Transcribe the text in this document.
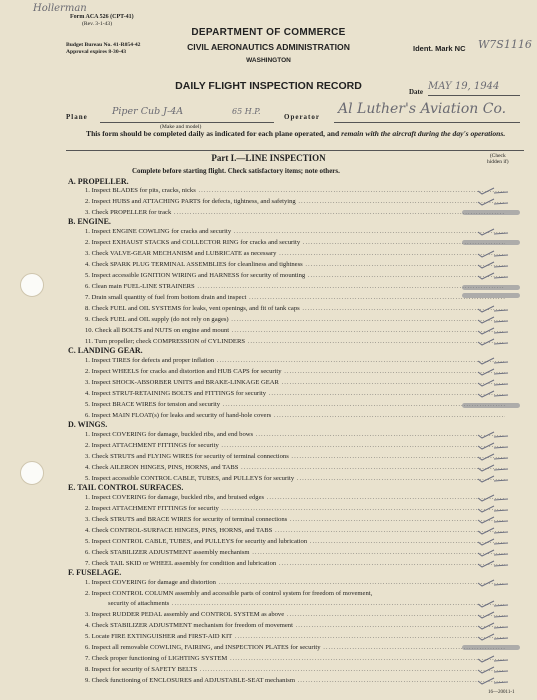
Hollerman
Form ACA 526 (CPT-41)
(Rev. 3-1-43)
Budget Bureau No. 41-R054-42
Approval expires 8-30-43
DEPARTMENT OF COMMERCE
CIVIL AERONAUTICS ADMINISTRATION
WASHINGTON
Ident. Mark NC W7S1116
DAILY FLIGHT INSPECTION RECORD	Date MAY 19, 1944
Plane	Piper Cub J-4A	65 H.P.
(Make and model)
Operator Al Luther's Aviation Co.
This form should be completed daily as indicated for each plane operated, and remain with the aircraft during the day's operations.
Part I.—LINE INSPECTION	(Check
hidden if)
Complete before starting flight. Check satisfactory items; note others.
A. PROPELLER.
1. Inspect BLADES for pits, cracks, nicks .....
2. Inspect HUBS and ATTACHING PARTS for defects, tightness, and safetying .....
3. Check PROPELLER for track .....
B. ENGINE.
1. Inspect ENGINE COWLING for cracks and security .....
2. Inspect EXHAUST STACKS and COLLECTOR RING for cracks and security .....
3. Check VALVE-GEAR MECHANISM and LUBRICATE as necessary .....
4. Check SPARK PLUG TERMINAL ASSEMBLIES for cleanliness and tightness .....
5. Inspect accessible IGNITION WIRING and HARNESS for security of mounting .....
6. Clean main FUEL-LINE STRAINERS .....
7. Drain small quantity of fuel from bottom drain and inspect .....
8. Check FUEL and OIL SYSTEMS for leaks, vent openings, and fit of tank caps .....
9. Check FUEL and OIL supply (do not rely on gages) .....
10. Check all BOLTS and NUTS on engine and mount .....
11. Turn propeller; check COMPRESSION of CYLINDERS .....
C. LANDING GEAR.
1. Inspect TIRES for defects and proper inflation .....
2. Inspect WHEELS for cracks and distortion and HUB CAPS for security .....
3. Inspect SHOCK-ABSORBER UNITS and BRAKE-LINKAGE GEAR .....
4. Inspect STRUT-RETAINING BOLTS and FITTINGS for security .....
5. Inspect BRACE WIRES for tension and security .....
6. Inspect MAIN FLOAT(s) for leaks and security of hand-hole covers .....
D. WINGS.
1. Inspect COVERING for damage, buckled ribs, and end bows .....
2. Inspect ATTACHMENT FITTINGS for security .....
3. Check STRUTS and FLYING WIRES for security of terminal connections .....
4. Check AILERON HINGES, PINS, HORNS, and TABS .....
5. Inspect accessible CONTROL CABLE, TUBES, and PULLEYS for security .....
E. TAIL CONTROL SURFACES.
1. Inspect COVERING for damage, buckled ribs, and bruised edges .....
2. Inspect ATTACHMENT FITTINGS for security .....
3. Check STRUTS and BRACE WIRES for security of terminal connections .....
4. Check CONTROL-SURFACE HINGES, PINS, HORNS, and TABS .....
5. Inspect CONTROL CABLE, TUBES, and PULLEYS for security and lubrication .....
6. Check STABILIZER ADJUSTMENT assembly mechanism .....
7. Check TAIL SKID or WHEEL assembly for condition and lubrication .....
F. FUSELAGE.
1. Inspect COVERING for damage and distortion .....
2. Inspect CONTROL COLUMN assembly and accessible parts of control system for freedom of movement,
security of attachments .....
3. Inspect RUDDER PEDAL assembly and CONTROL SYSTEM as above .....
4. Check STABILIZER ADJUSTMENT mechanism for freedom of movement .....
5. Locate FIRE EXTINGUISHER and FIRST-AID KIT .....
6. Inspect all removable COWLING, FAIRING, and INSPECTION PLATES for security .....
7. Check proper functioning of LIGHTING SYSTEM .....
8. Inspect for security of SAFETY BELTS .....
9. Check functioning of ENCLOSURES and ADJUSTABLE-SEAT mechanism .....
16—20011-1
